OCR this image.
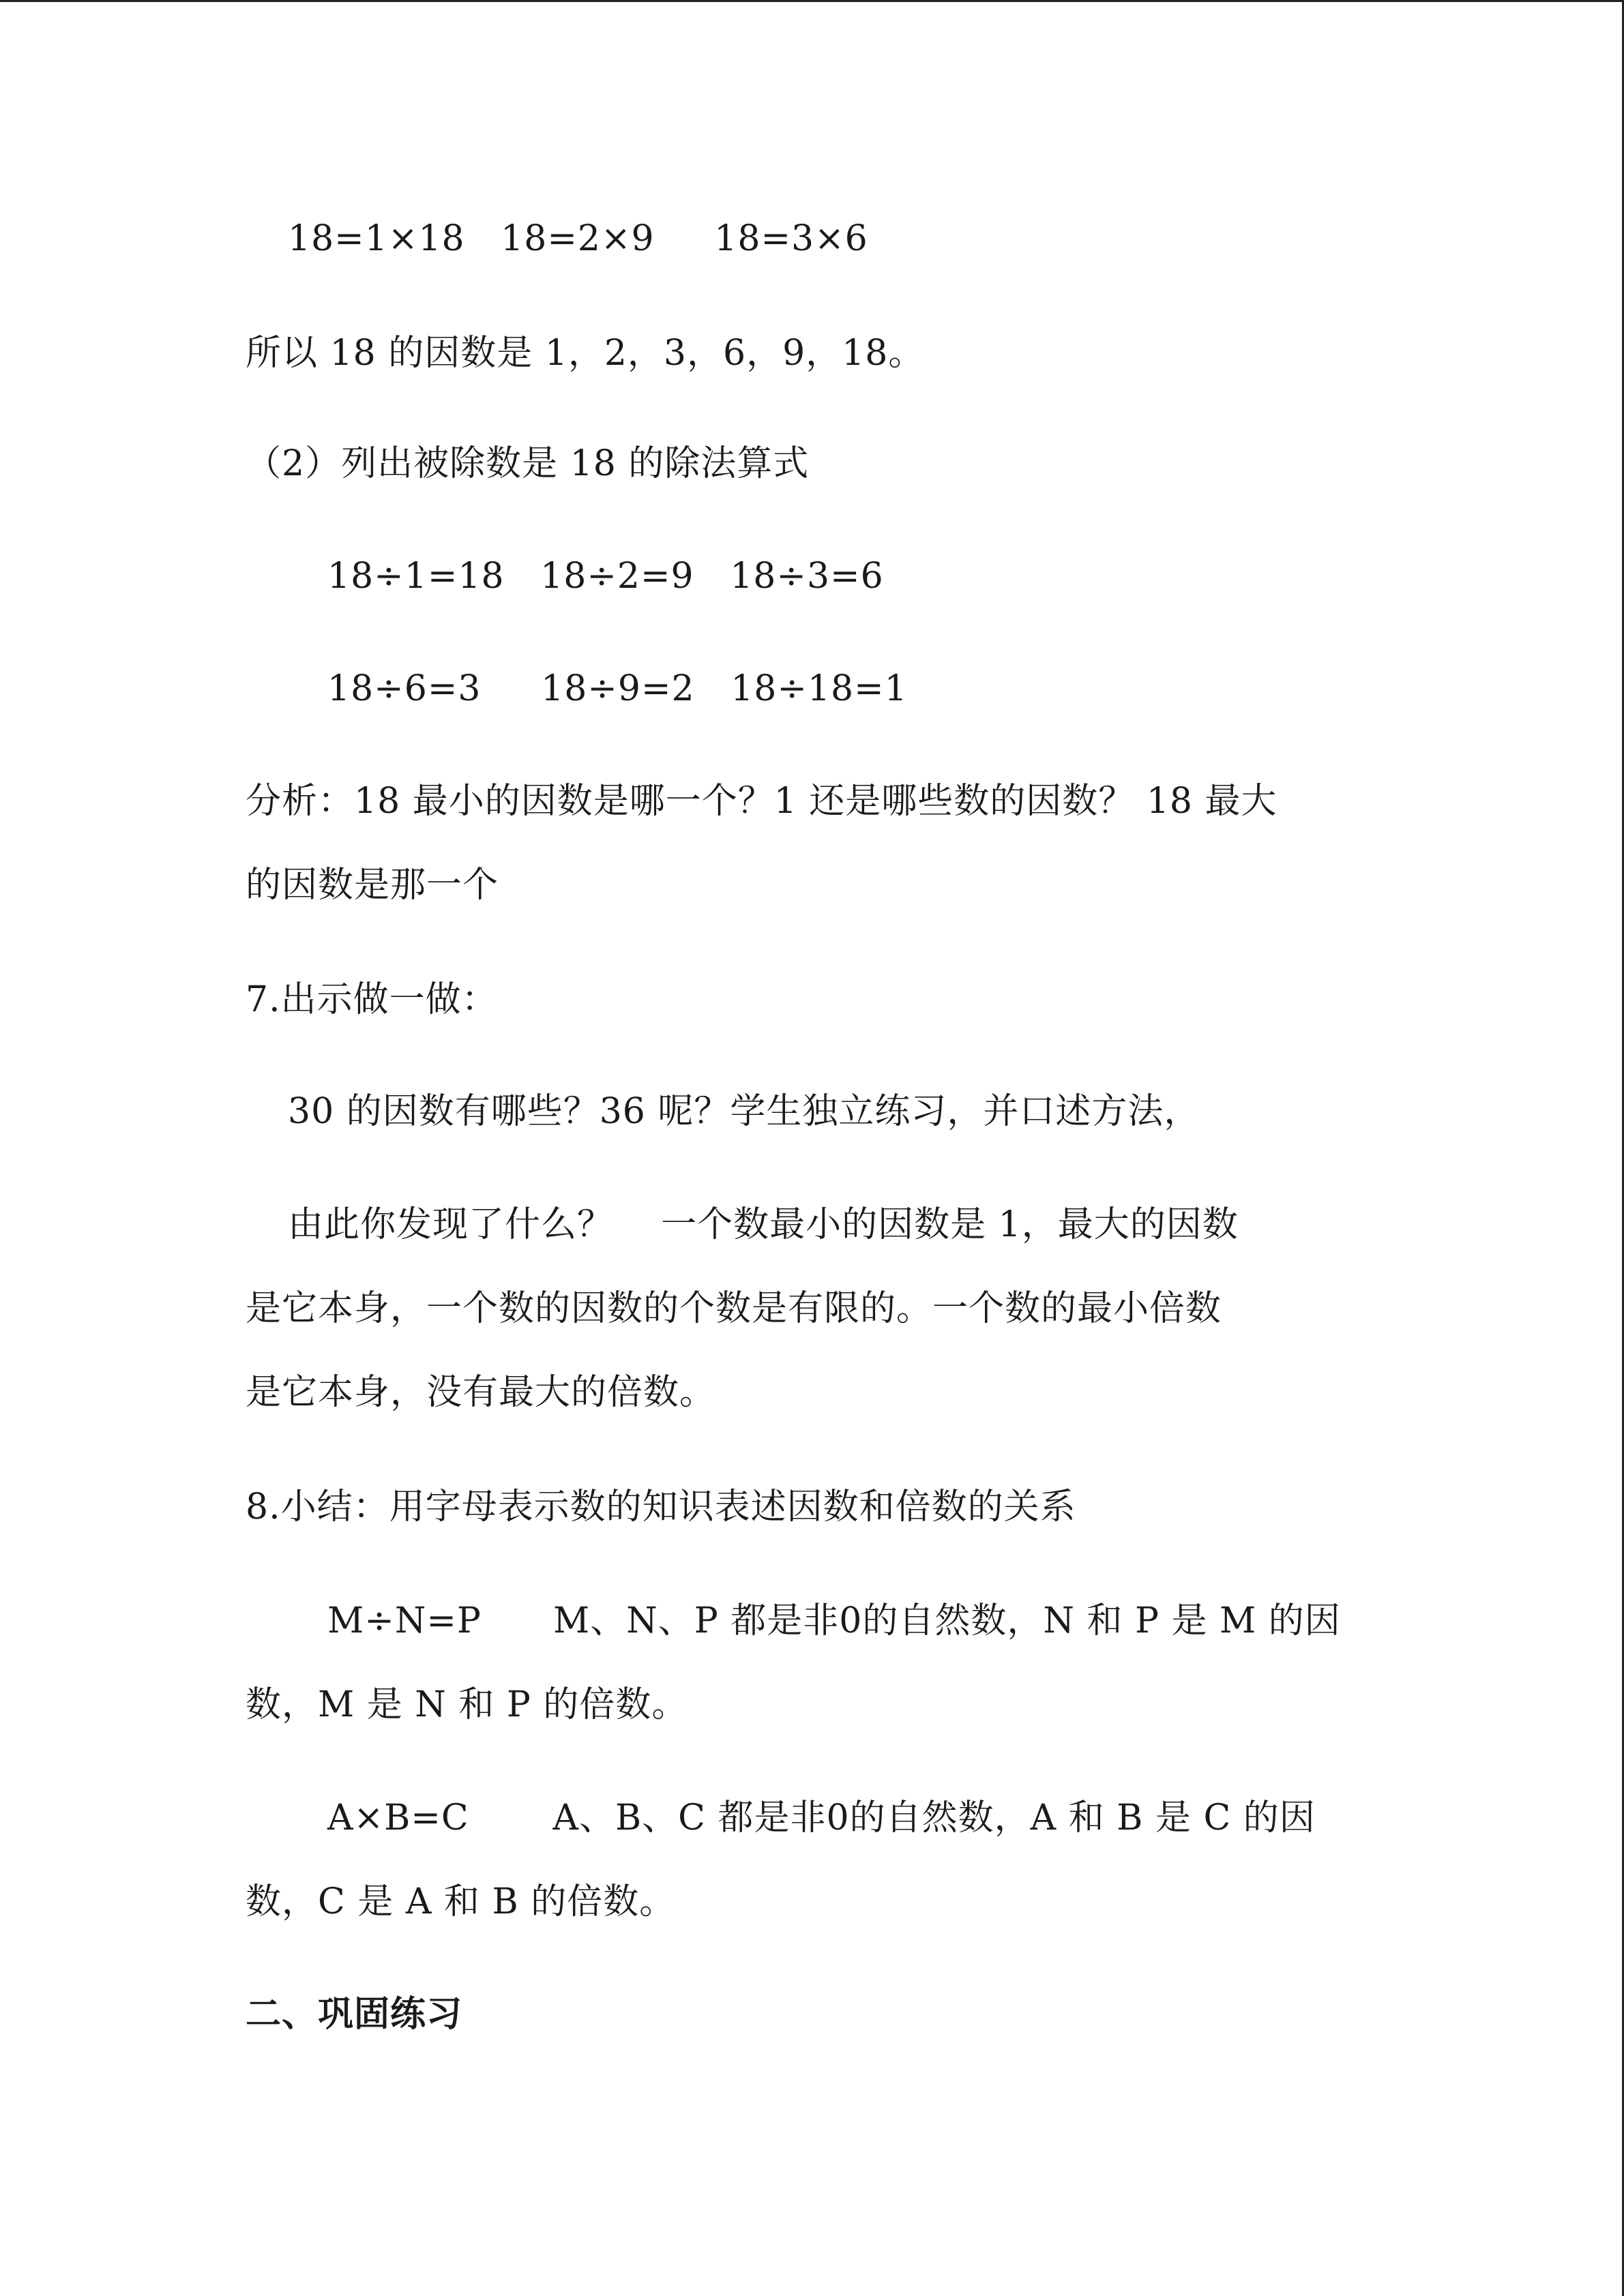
18=1×18   18=2×9     18=3×6
所以 18 的因数是 1，2，3，6，9，18。
（2）列出被除数是 18 的除法算式
18÷1=18   18÷2=9   18÷3=6
18÷6=3     18÷9=2   18÷18=1
分析：18 最小的因数是哪一个？1 还是哪些数的因数？ 18 最大
的因数是那一个
7.出示做一做：
30 的因数有哪些？36 呢？学生独立练习，并口述方法，
由此你发现了什么？    一个数最小的因数是 1，最大的因数
是它本身，一个数的因数的个数是有限的。一个数的最小倍数
是它本身，没有最大的倍数。
8.小结：用字母表示数的知识表述因数和倍数的关系
M÷N=P      M、N、P 都是非0的自然数，N 和 P 是 M 的因
数，M 是 N 和 P 的倍数。
A×B=C       A、B、C 都是非0的自然数，A 和 B 是 C 的因
数，C 是 A 和 B 的倍数。
二、巩固练习
